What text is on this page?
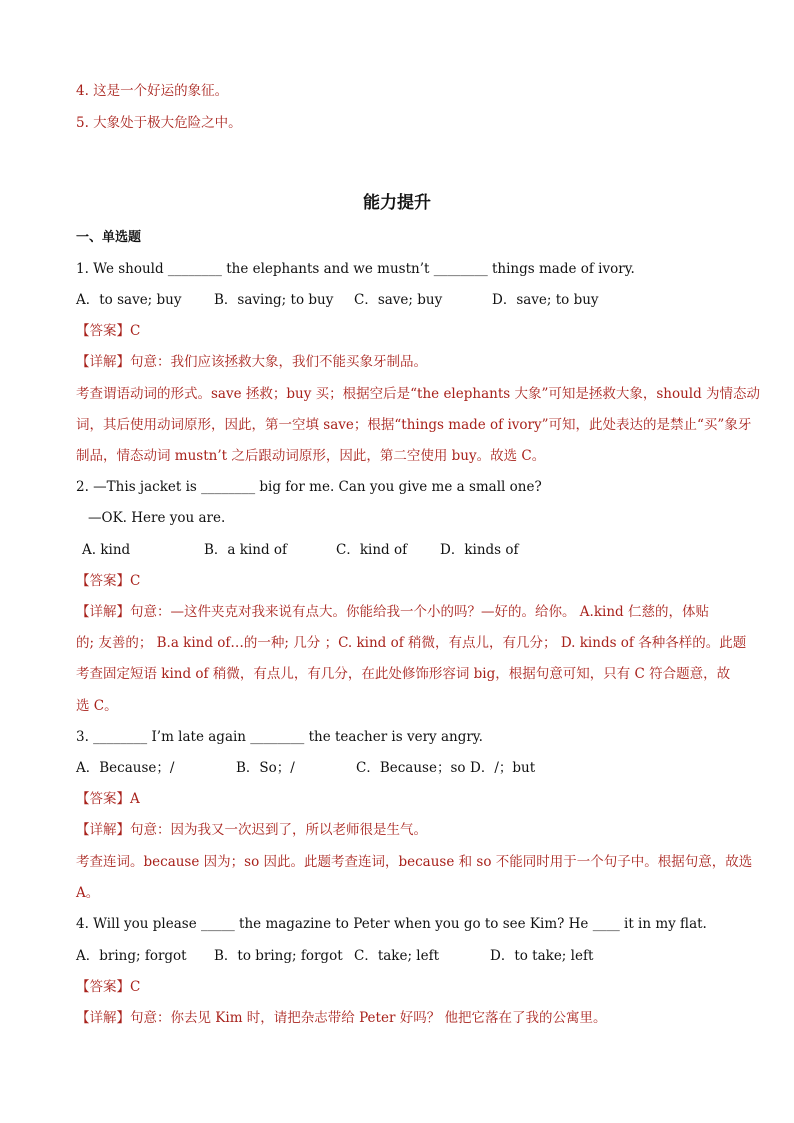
4. 这是一个好运的象征。
5. 大象处于极大危险之中。
能力提升
一、单选题
1. We should ________ the elephants and we mustn’t ________ things made of ivory.
A．to save; buy B．saving; to buy C．save; buy	D．save; to buy
【答案】C
【详解】句意：我们应该拯救大象，我们不能买象牙制品。
考查谓语动词的形式。save 拯救；buy 买；根据空后是“the elephants 大象”可知是拯救大象，should 为情态动
词，其后使用动词原形，因此，第一空填 save；根据“things made of ivory”可知，此处表达的是禁止“买”象牙
制品，情态动词 mustn’t 之后跟动词原形，因此，第二空使用 buy。故选 C。
2. —This jacket is ________ big for me. Can you give me a small one?
—OK. Here you are.
A. kind	B．a kind of	C．kind of D．kinds of
【答案】C
【详解】句意：—这件夹克对我来说有点大。你能给我一个小的吗？—好的。给你。 A.kind 仁慈的，体贴
的; 友善的； B.a kind of…的一种; 几分 ；C. kind of 稍微，有点儿，有几分； D. kinds of 各种各样的。此题
考查固定短语 kind of 稍微，有点儿，有几分，在此处修饰形容词 big，根据句意可知，只有 C 符合题意，故
选 C。
3. ________ I’m late again ________ the teacher is very angry.
A．Because；/	B．So；/	C．Because；so D．/；but
【答案】A
【详解】句意：因为我又一次迟到了，所以老师很是生气。
考查连词。because 因为；so 因此。此题考查连词，because 和 so 不能同时用于一个句子中。根据句意，故选
A。
4. Will you please _____ the magazine to Peter when you go to see Kim? He ____ it in my flat.
A．bring; forgot B．to bring; forgot C．take; left	D．to take; left
【答案】C
【详解】句意：你去见 Kim 时，请把杂志带给 Peter 好吗？ 他把它落在了我的公寓里。
